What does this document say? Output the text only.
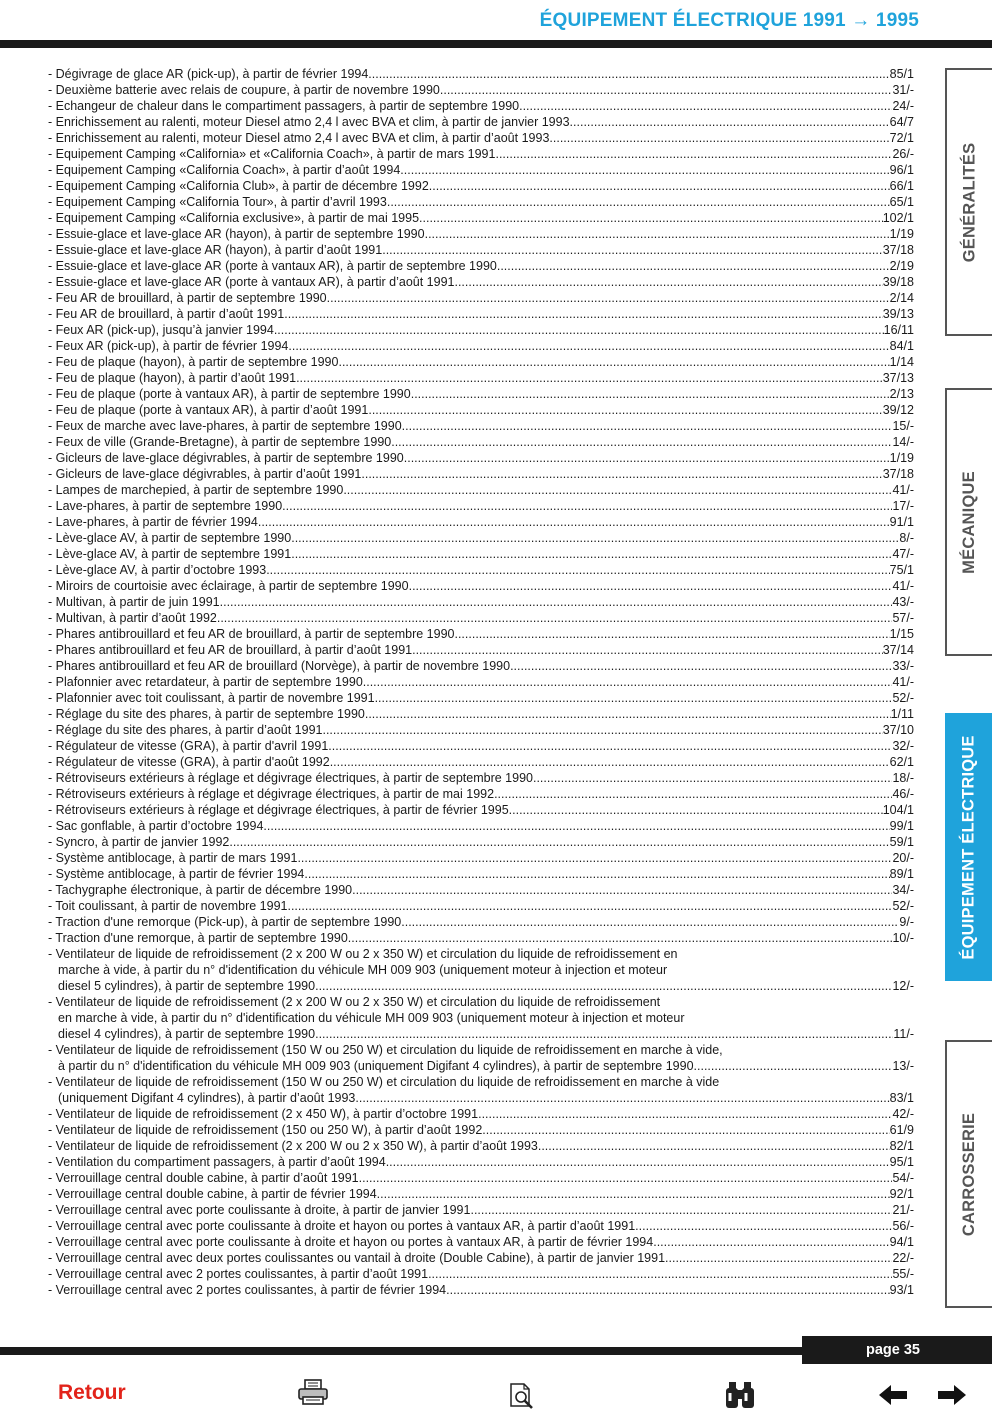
ÉQUIPEMENT ÉLECTRIQUE 1991 → 1995
- Dégivrage de glace AR (pick-up), à partir de février 1994 .....	85/1
- Deuxième batterie avec relais de coupure, à partir de novembre 1990 .....	31/-
- Echangeur de chaleur dans le compartiment passagers, à partir de septembre 1990 .....	24/-
- Enrichissement au ralenti, moteur Diesel atmo 2,4 l avec BVA et clim, à partir de janvier 1993 .....	64/7
- Enrichissement au ralenti, moteur Diesel atmo 2,4 l avec BVA et clim, à partir d’août 1993 .....	72/1
- Equipement Camping «California» et «California Coach», à partir de mars 1991 .....	26/-
- Equipement Camping «California Coach», à partir d’août 1994 .....	96/1
- Equipement Camping «California Club», à partir de décembre 1992 .....	66/1
- Equipement Camping «California Tour», à partir d’avril 1993 .....	65/1
- Equipement Camping «California exclusive», à partir de mai 1995 .....	102/1
- Essuie-glace et lave-glace AR (hayon), à partir de septembre 1990 .....	1/19
- Essuie-glace et lave-glace AR (hayon), à partir d’août 1991 .....	37/18
- Essuie-glace et lave-glace AR (porte à vantaux AR), à partir de septembre 1990 .....	2/19
- Essuie-glace et lave-glace AR (porte à vantaux AR), à partir d’août 1991 .....	39/18
- Feu AR de brouillard, à partir de septembre 1990 .....	2/14
- Feu AR de brouillard, à partir d’août 1991 .....	39/13
- Feux AR (pick-up), jusqu’à janvier 1994 .....	16/11
- Feux AR (pick-up), à partir de février 1994 .....	84/1
- Feu de plaque (hayon), à partir de septembre 1990 .....	1/14
- Feu de plaque (hayon), à partir d’août 1991 .....	37/13
- Feu de plaque (porte à vantaux AR), à partir de septembre 1990 .....	2/13
- Feu de plaque (porte à vantaux AR), à partir d’août 1991 .....	39/12
- Feux de marche avec lave-phares, à partir de septembre 1990 .....	15/-
- Feux de ville (Grande-Bretagne), à partir de septembre 1990 .....	14/-
- Gicleurs de lave-glace dégivrables, à partir de septembre 1990 .....	1/19
- Gicleurs de lave-glace dégivrables, à partir d’août 1991 .....	37/18
- Lampes de marchepied, à partir de septembre 1990 .....	41/-
- Lave-phares, à partir de septembre 1990 .....	17/-
- Lave-phares, à partir de février 1994 .....	91/1
- Lève-glace AV, à partir de septembre 1990 .....	8/-
- Lève-glace AV, à partir de septembre 1991 .....	47/-
- Lève-glace AV, à partir d’octobre 1993 .....	75/1
- Miroirs de courtoisie avec éclairage, à partir de septembre 1990 .....	41/-
- Multivan, à partir de juin 1991 .....	43/-
- Multivan, à partir d’août 1992 .....	57/-
- Phares antibrouillard et feu AR de brouillard, à partir de septembre 1990 .....	1/15
- Phares antibrouillard et feu AR de brouillard, à partir d’août 1991 .....	37/14
- Phares antibrouillard et feu AR de brouillard (Norvège), à partir de novembre 1990 .....	33/-
- Plafonnier avec retardateur, à partir de septembre 1990 .....	41/-
- Plafonnier avec toit coulissant, à partir de novembre 1991 .....	52/-
- Réglage du site des phares, à partir de septembre 1990 .....	1/11
- Réglage du site des phares, à partir d’août 1991 .....	37/10
- Régulateur de vitesse (GRA), à partir d'avril 1991 .....	32/-
- Régulateur de vitesse (GRA), à partir d'août 1992 .....	62/1
- Rétroviseurs extérieurs à réglage et dégivrage électriques, à partir de septembre 1990 .....	18/-
- Rétroviseurs extérieurs à réglage et dégivrage électriques, à partir de mai 1992 .....	46/-
- Rétroviseurs extérieurs à réglage et dégivrage électriques, à partir de février 1995 .....	104/1
- Sac gonflable, à partir d’octobre 1994 .....	99/1
- Syncro, à partir de janvier 1992 .....	59/1
- Système antiblocage, à partir de mars 1991 .....	20/-
- Système antiblocage, à partir de février 1994 .....	89/1
- Tachygraphe électronique, à partir de décembre 1990 .....	34/-
- Toit coulissant, à partir de novembre 1991 .....	52/-
- Traction d'une remorque (Pick-up), à partir de septembre 1990 .....	9/-
- Traction d'une remorque, à partir de septembre 1990 .....	10/-
- Ventilateur de liquide de refroidissement (2 x 200 W ou 2 x 350 W) et circulation du liquide de refroidissement en
marche à vide, à partir du n° d'identification du véhicule MH 009 903 (uniquement moteur à injection et moteur
diesel 5 cylindres), à partir de septembre 1990 .....	12/-
- Ventilateur de liquide de refroidissement (2 x 200 W ou 2 x 350 W) et circulation du liquide de refroidissement
en marche à vide, à partir du n° d'identification du véhicule MH 009 903 (uniquement moteur à injection et moteur
diesel 4 cylindres), à partir de septembre 1990 .....	11/-
- Ventilateur de liquide de refroidissement (150 W ou 250 W) et circulation du liquide de refroidissement en marche à vide,
à partir du n° d'identification du véhicule MH 009 903 (uniquement Digifant 4 cylindres), à partir de septembre 1990 .....	13/-
- Ventilateur de liquide de refroidissement (150 W ou 250 W) et circulation du liquide de refroidissement en marche à vide
(uniquement Digifant 4 cylindres), à partir d’août 1993 .....	83/1
- Ventilateur de liquide de refroidissement (2 x 450 W), à partir d’octobre 1991 .....	42/-
- Ventilateur de liquide de refroidissement (150 ou 250 W), à partir d’août 1992 .....	61/9
- Ventilateur de liquide de refroidissement (2 x 200 W ou 2 x 350 W), à partir d’août 1993 .....	82/1
- Ventilation du compartiment passagers, à partir d’août 1994 .....	95/1
- Verrouillage central double cabine, à partir d’août 1991 .....	54/-
- Verrouillage central double cabine, à partir de février 1994 .....	92/1
- Verrouillage central avec porte coulissante à droite, à partir de janvier 1991 .....	21/-
- Verrouillage central avec porte coulissante à droite et hayon ou portes à vantaux AR, à partir d’août 1991 .....	56/-
- Verrouillage central avec porte coulissante à droite et hayon ou portes à vantaux AR, à partir de février 1994 .....	94/1
- Verrouillage central avec deux portes coulissantes ou vantail à droite (Double Cabine), à partir de janvier 1991 .....	22/-
- Verrouillage central avec 2 portes coulissantes, à partir d’août 1991 .....	55/-
- Verrouillage central avec 2 portes coulissantes, à partir de février 1994 .....	93/1
GÉNÉRALITÉS
MÉCANIQUE
ÉQUIPEMENT ÉLECTRIQUE
CARROSSERIE
page 35
Retour
